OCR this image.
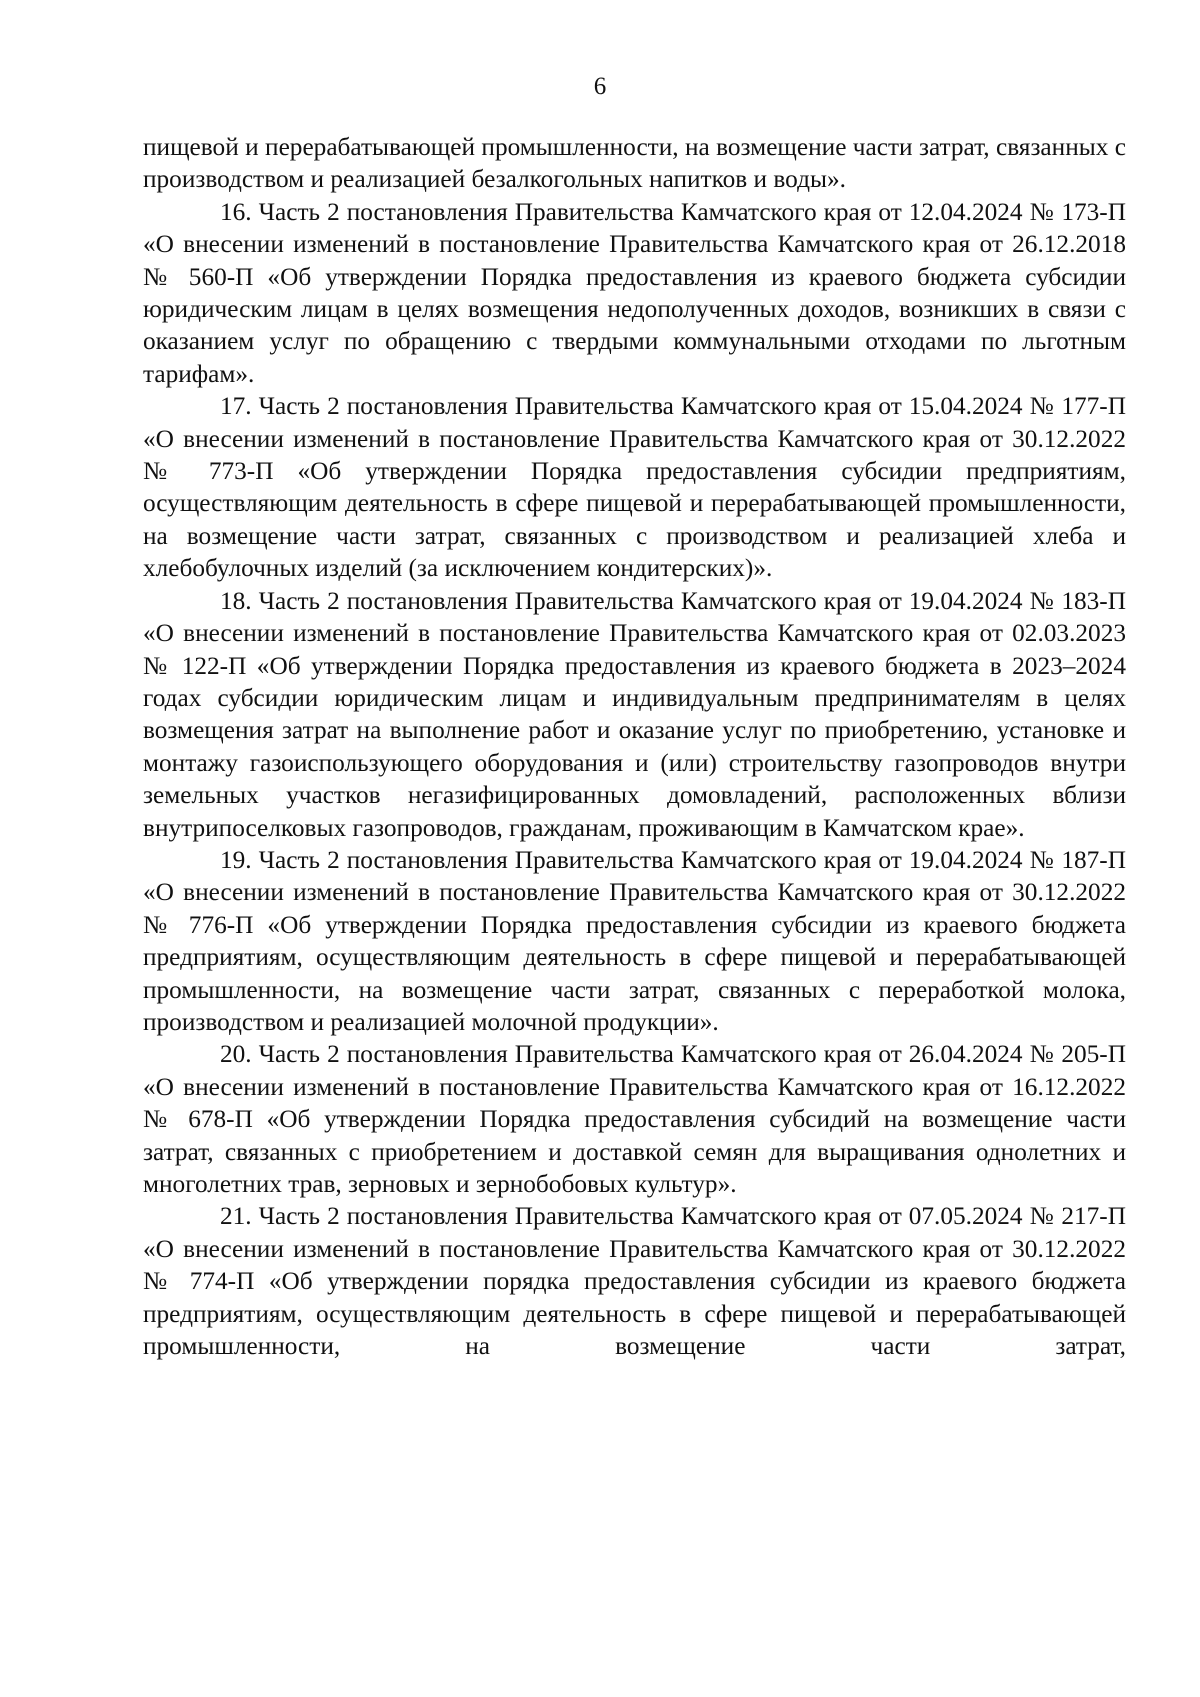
6

пищевой и перерабатывающей промышленности, на возмещение части затрат, связанных с производством и реализацией безалкогольных напитков и воды».

16. Часть 2 постановления Правительства Камчатского края от 12.04.2024 № 173-П «О внесении изменений в постановление Правительства Камчатского края от 26.12.2018 № 560-П «Об утверждении Порядка предоставления из краевого бюджета субсидии юридическим лицам в целях возмещения недополученных доходов, возникших в связи с оказанием услуг по обращению с твердыми коммунальными отходами по льготным тарифам».

17. Часть 2 постановления Правительства Камчатского края от 15.04.2024 № 177-П «О внесении изменений в постановление Правительства Камчатского края от 30.12.2022 № 773-П «Об утверждении Порядка предоставления субсидии предприятиям, осуществляющим деятельность в сфере пищевой и перерабатывающей промышленности, на возмещение части затрат, связанных с производством и реализацией хлеба и хлебобулочных изделий (за исключением кондитерских)».

18. Часть 2 постановления Правительства Камчатского края от 19.04.2024 № 183-П «О внесении изменений в постановление Правительства Камчатского края от 02.03.2023 № 122-П «Об утверждении Порядка предоставления из краевого бюджета в 2023–2024 годах субсидии юридическим лицам и индивидуальным предпринимателям в целях возмещения затрат на выполнение работ и оказание услуг по приобретению, установке и монтажу газоиспользующего оборудования и (или) строительству газопроводов внутри земельных участков негазифицированных домовладений, расположенных вблизи внутрипоселковых газопроводов, гражданам, проживающим в Камчатском крае».

19. Часть 2 постановления Правительства Камчатского края от 19.04.2024 № 187-П «О внесении изменений в постановление Правительства Камчатского края от 30.12.2022 № 776-П «Об утверждении Порядка предоставления субсидии из краевого бюджета предприятиям, осуществляющим деятельность в сфере пищевой и перерабатывающей промышленности, на возмещение части затрат, связанных с переработкой молока, производством и реализацией молочной продукции».

20. Часть 2 постановления Правительства Камчатского края от 26.04.2024 № 205-П «О внесении изменений в постановление Правительства Камчатского края от 16.12.2022 № 678-П «Об утверждении Порядка предоставления субсидий на возмещение части затрат, связанных с приобретением и доставкой семян для выращивания однолетних и многолетних трав, зерновых и зернобобовых культур».

21. Часть 2 постановления Правительства Камчатского края от 07.05.2024 № 217-П «О внесении изменений в постановление Правительства Камчатского края от 30.12.2022 № 774-П «Об утверждении порядка предоставления субсидии из краевого бюджета предприятиям, осуществляющим деятельность в сфере пищевой и перерабатывающей промышленности, на возмещение части затрат,
